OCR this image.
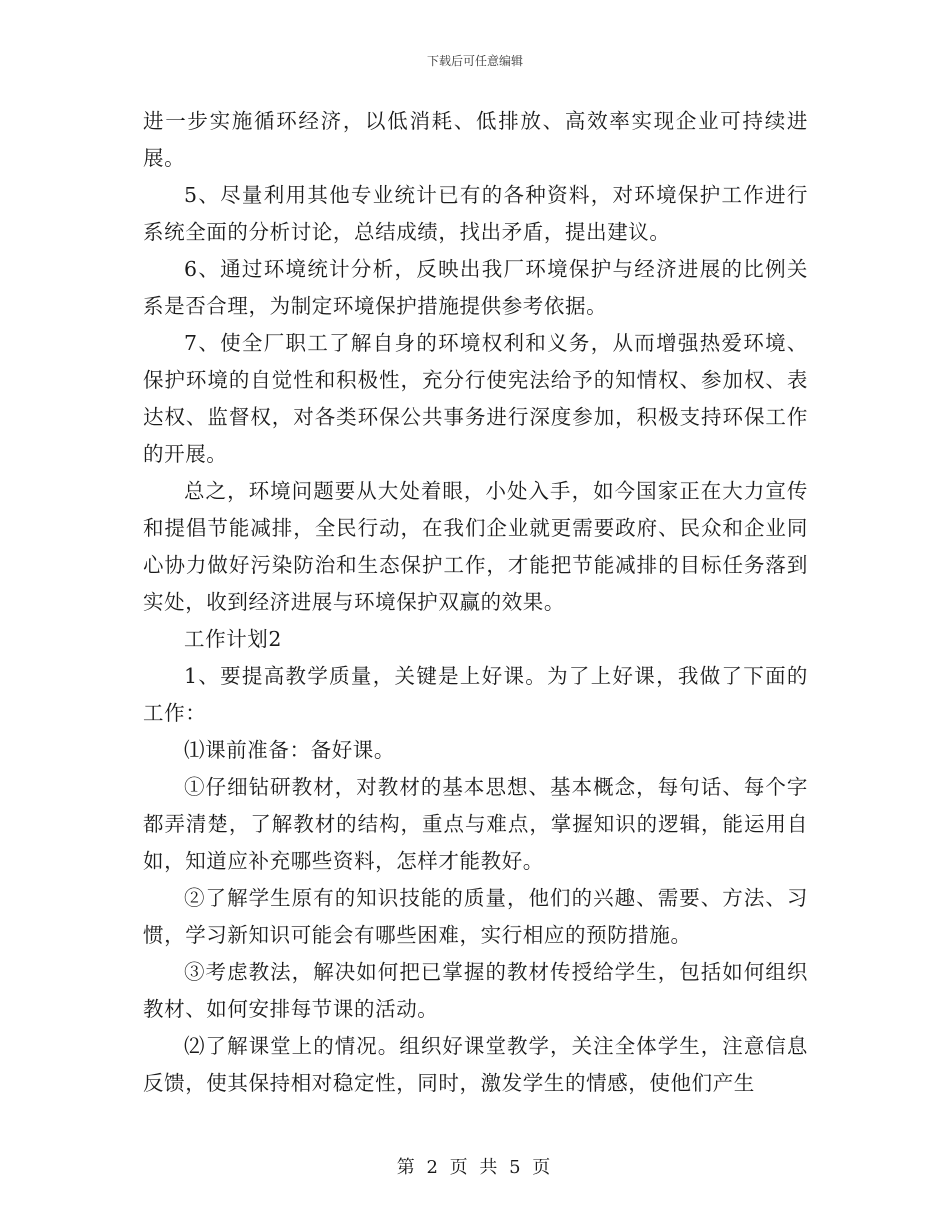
下载后可任意编辑

进一步实施循环经济，以低消耗、低排放、高效率实现企业可持续进展。

5、尽量利用其他专业统计已有的各种资料，对环境保护工作进行系统全面的分析讨论，总结成绩，找出矛盾，提出建议。

6、通过环境统计分析，反映出我厂环境保护与经济进展的比例关系是否合理，为制定环境保护措施提供参考依据。

7、使全厂职工了解自身的环境权利和义务，从而增强热爱环境、保护环境的自觉性和积极性，充分行使宪法给予的知情权、参加权、表达权、监督权，对各类环保公共事务进行深度参加，积极支持环保工作的开展。

总之，环境问题要从大处着眼，小处入手，如今国家正在大力宣传和提倡节能减排，全民行动，在我们企业就更需要政府、民众和企业同心协力做好污染防治和生态保护工作，才能把节能减排的目标任务落到实处，收到经济进展与环境保护双赢的效果。

工作计划2

1、要提高教学质量，关键是上好课。为了上好课，我做了下面的工作：

⑴课前准备：备好课。

①仔细钻研教材，对教材的基本思想、基本概念，每句话、每个字都弄清楚，了解教材的结构，重点与难点，掌握知识的逻辑，能运用自如，知道应补充哪些资料，怎样才能教好。

②了解学生原有的知识技能的质量，他们的兴趣、需要、方法、习惯，学习新知识可能会有哪些困难，实行相应的预防措施。

③考虑教法，解决如何把已掌握的教材传授给学生，包括如何组织教材、如何安排每节课的活动。

⑵了解课堂上的情况。组织好课堂教学，关注全体学生，注意信息反馈，使其保持相对稳定性，同时，激发学生的情感，使他们产生

第 2 页 共 5 页
